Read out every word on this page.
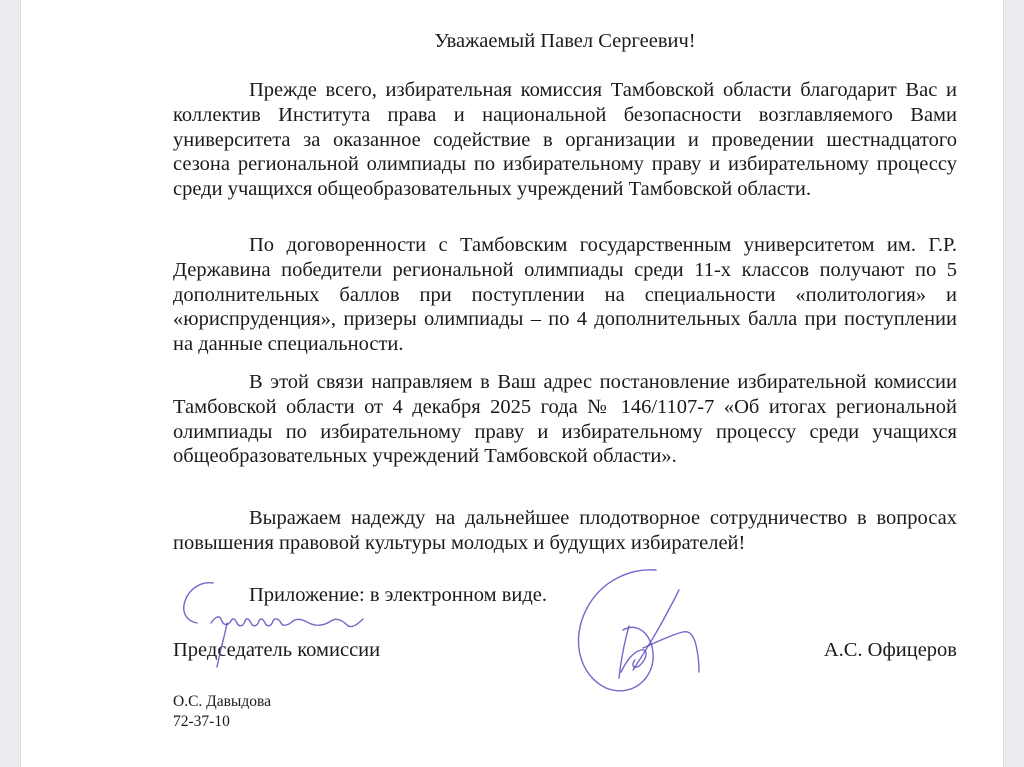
Уважаемый Павел Сергеевич!

Прежде всего, избирательная комиссия Тамбовской области благодарит Вас и коллектив Института права и национальной безопасности возглавляемого Вами университета за оказанное содействие в организации и проведении шестнадцатого сезона региональной олимпиады по избирательному праву и избирательному процессу среди учащихся общеобразовательных учреждений Тамбовской области.

По договоренности с Тамбовским государственным университетом им. Г.Р. Державина победители региональной олимпиады среди 11-х классов получают по 5 дополнительных баллов при поступлении на специальности «политология» и «юриспруденция», призеры олимпиады – по 4 дополнительных балла при поступлении на данные специальности.

В этой связи направляем в Ваш адрес постановление избирательной комиссии Тамбовской области от 4 декабря 2025 года № 146/1107-7 «Об итогах региональной олимпиады по избирательному праву и избирательному процессу среди учащихся общеобразовательных учреждений Тамбовской области».

Выражаем надежду на дальнейшее плодотворное сотрудничество в вопросах повышения правовой культуры молодых и будущих избирателей!

Приложение: в электронном виде.

Председатель комиссии	А.С. Офицеров

О.С. Давыдова
72-37-10
